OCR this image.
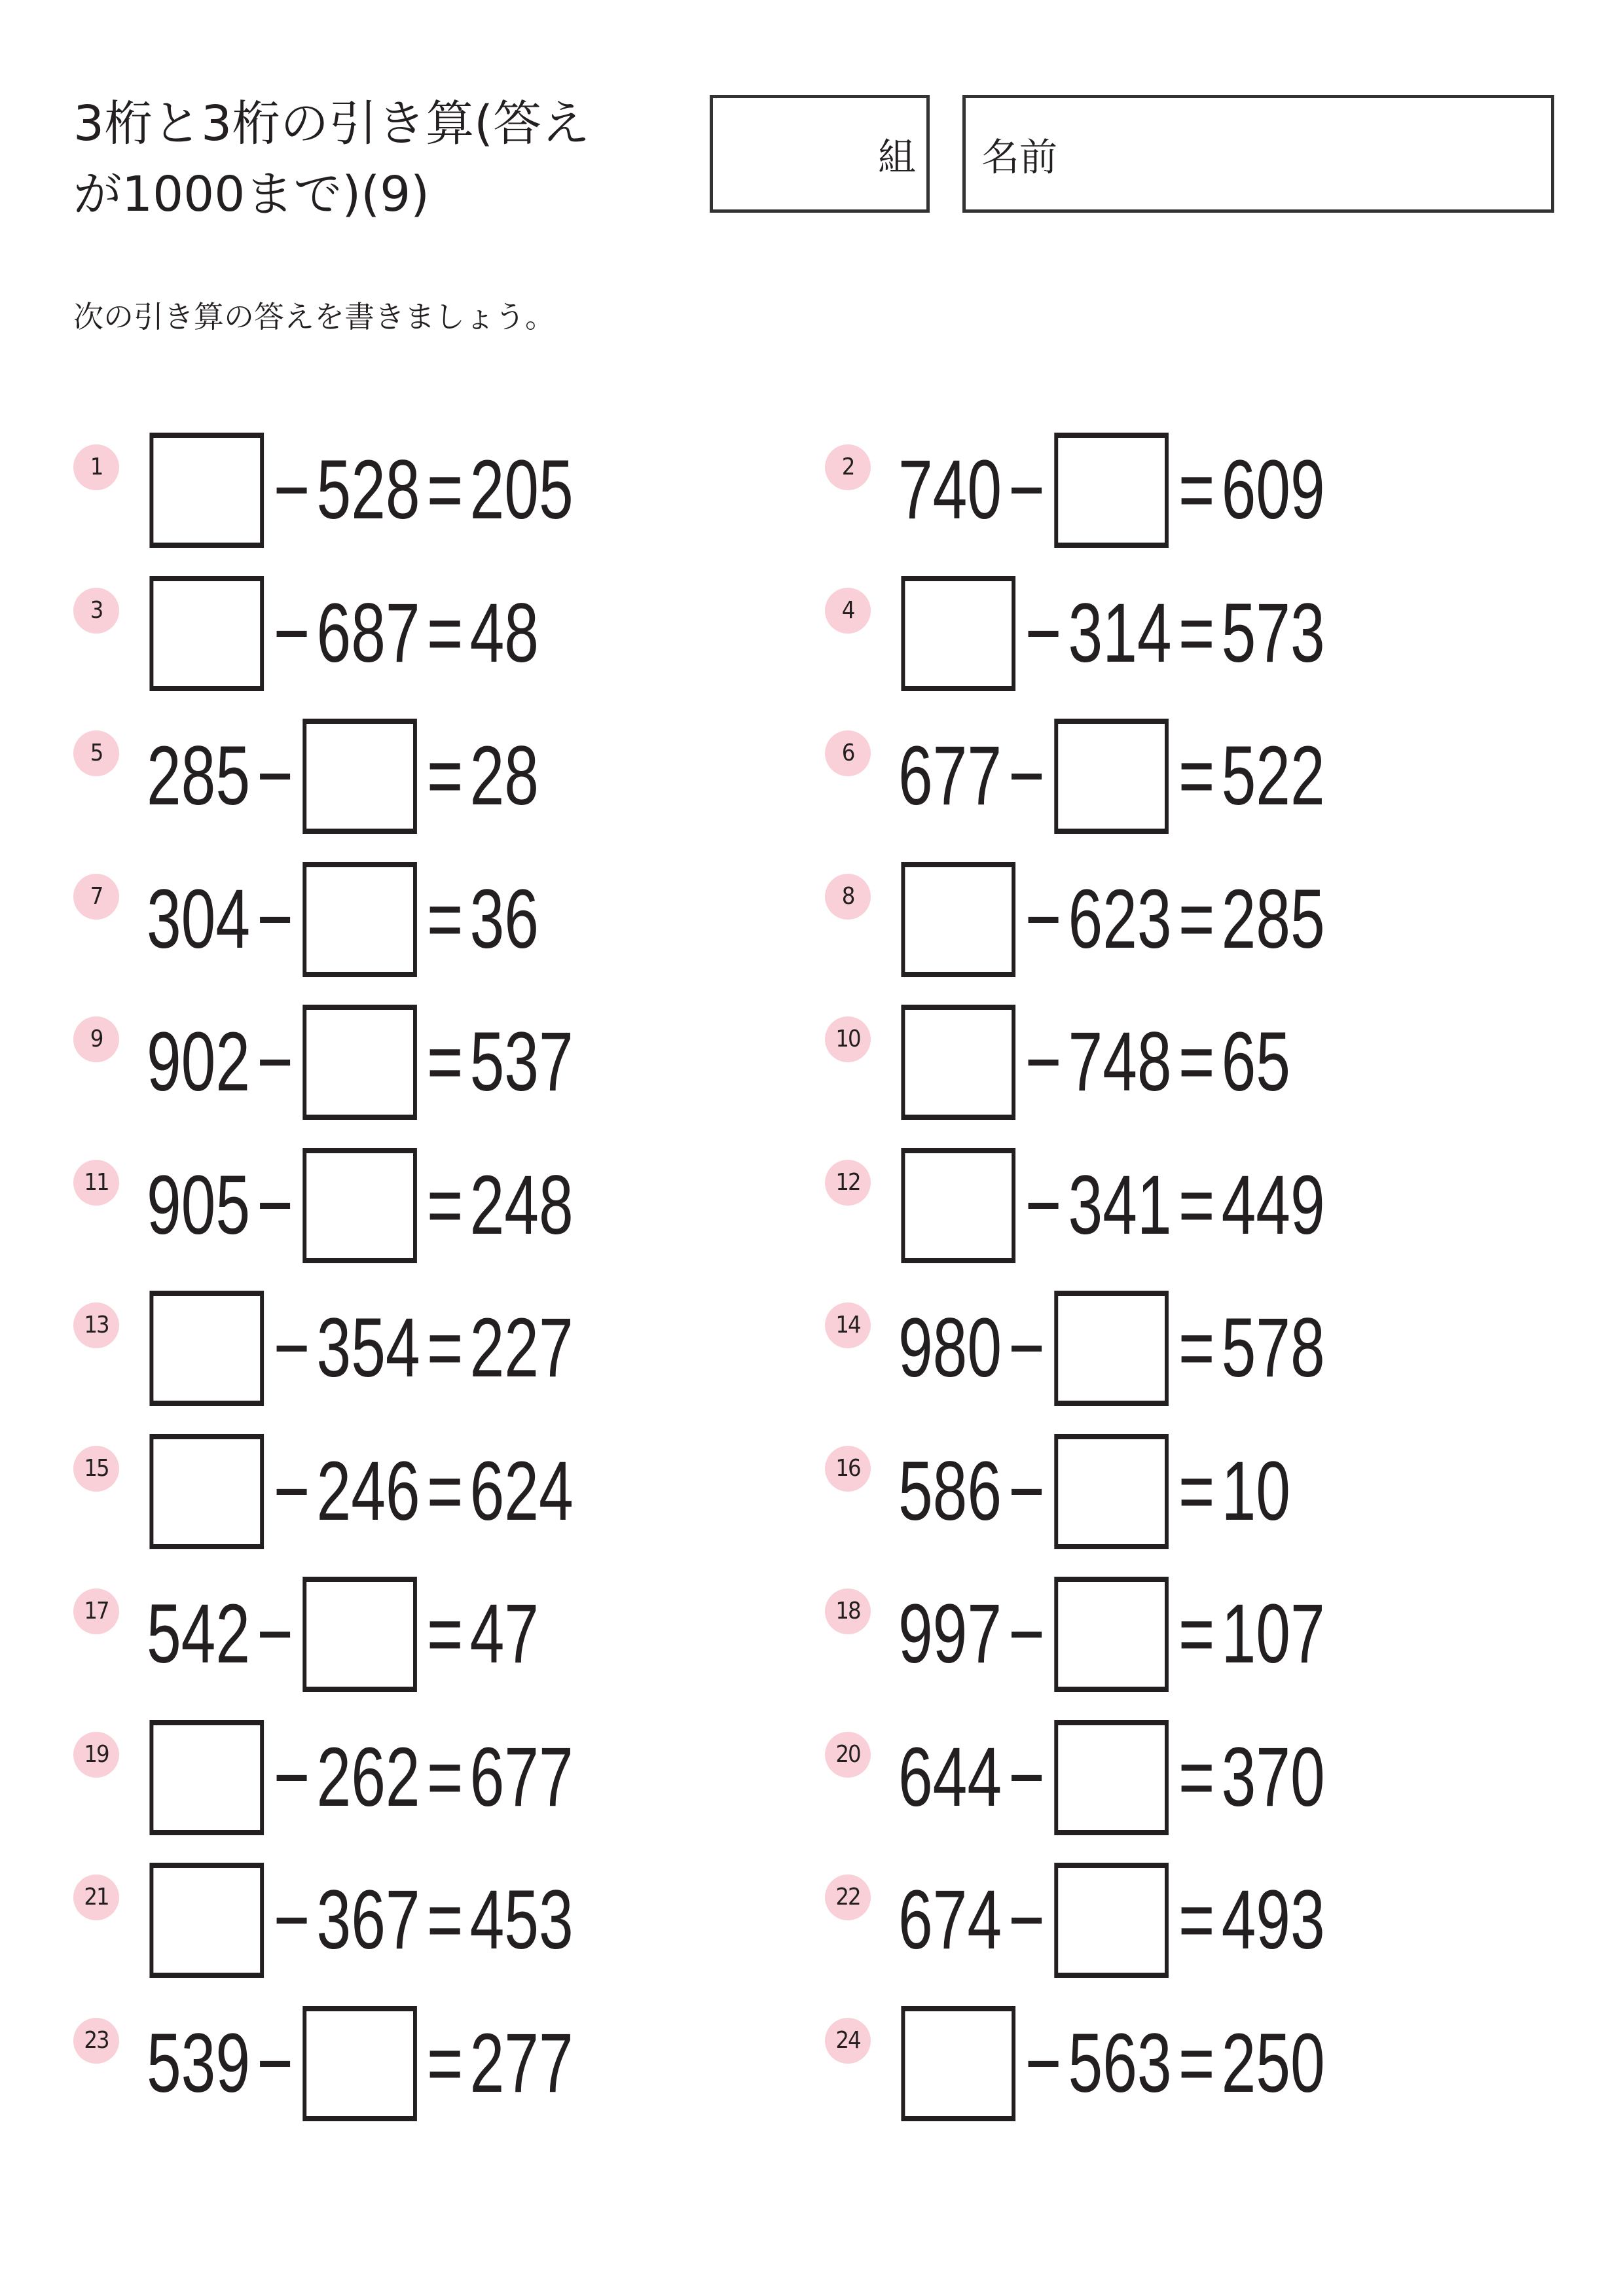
3桁と3桁の引き算(答え
が1000まで)(9)
組 名前

次の引き算の答えを書きましょう。

1 − 528 = 205	2 740 − = 609
3 − 687 = 48	4 − 314 = 573
5 285 − = 28	6 677 − = 522
7 304 − = 36	8 − 623 = 285
9 902 − = 537	10 − 748 = 65
11 905 − = 248	12 − 341 = 449
13 − 354 = 227	14 980 − = 578
15 − 246 = 624	16 586 − = 10
17 542 − = 47	18 997 − = 107
19 − 262 = 677	20 644 − = 370
21 − 367 = 453	22 674 − = 493
23 539 − = 277	24 − 563 = 250
